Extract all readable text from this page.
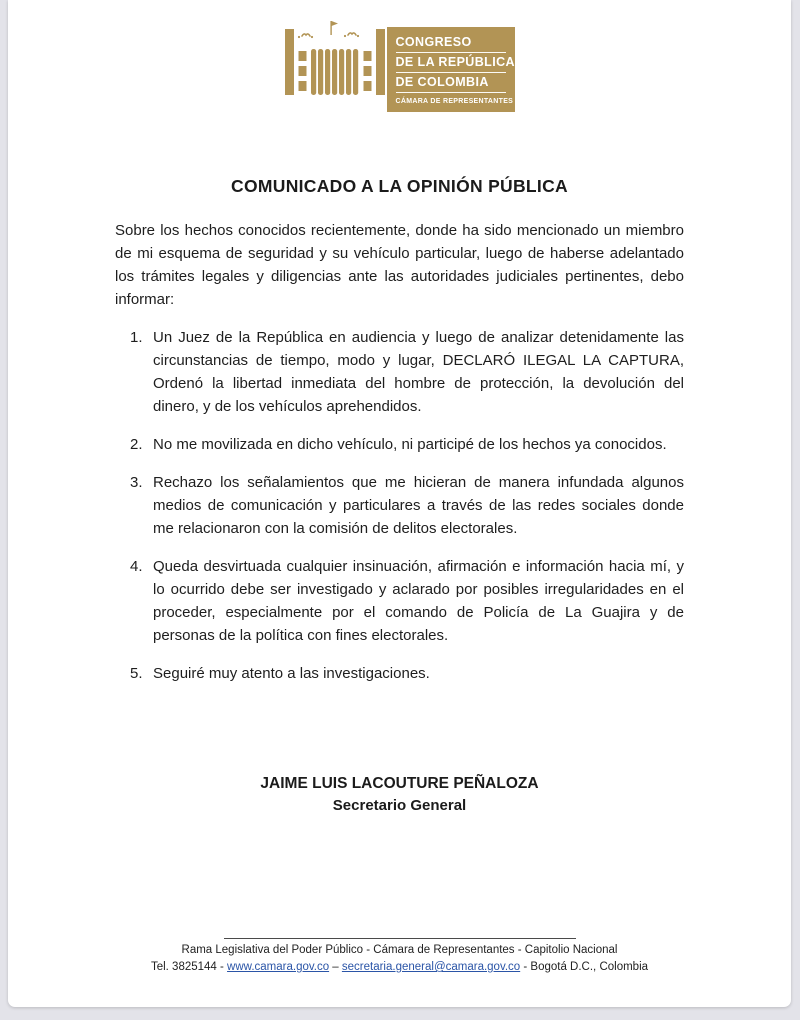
CONGRESO
DE LA REPÚBLICA
DE COLOMBIA
CÁMARA DE REPRESENTANTES
COMUNICADO A LA OPINIÓN PÚBLICA

Sobre los hechos conocidos recientemente, donde ha sido mencionado un miembro de mi esquema de seguridad y su vehículo particular, luego de haberse adelantado los trámites legales y diligencias ante las autoridades judiciales pertinentes, debo informar:

1. Un Juez de la República en audiencia y luego de analizar detenidamente las circunstancias de tiempo, modo y lugar, DECLARÓ ILEGAL LA CAPTURA, Ordenó la libertad inmediata del hombre de protección, la devolución del dinero, y de los vehículos aprehendidos.
2. No me movilizada en dicho vehículo, ni participé de los hechos ya conocidos.
3. Rechazo los señalamientos que me hicieran de manera infundada algunos medios de comunicación y particulares a través de las redes sociales donde me relacionaron con la comisión de delitos electorales.
4. Queda desvirtuada cualquier insinuación, afirmación e información hacia mí, y lo ocurrido debe ser investigado y aclarado por posibles irregularidades en el proceder, especialmente por el comando de Policía de La Guajira y de personas de la política con fines electorales.
5. Seguiré muy atento a las investigaciones.
JAIME LUIS LACOUTURE PEÑALOZA
Secretario General
Rama Legislativa del Poder Público - Cámara de Representantes - Capitolio Nacional
Tel. 3825144 - www.camara.gov.co – secretaria.general@camara.gov.co - Bogotá D.C., Colombia
